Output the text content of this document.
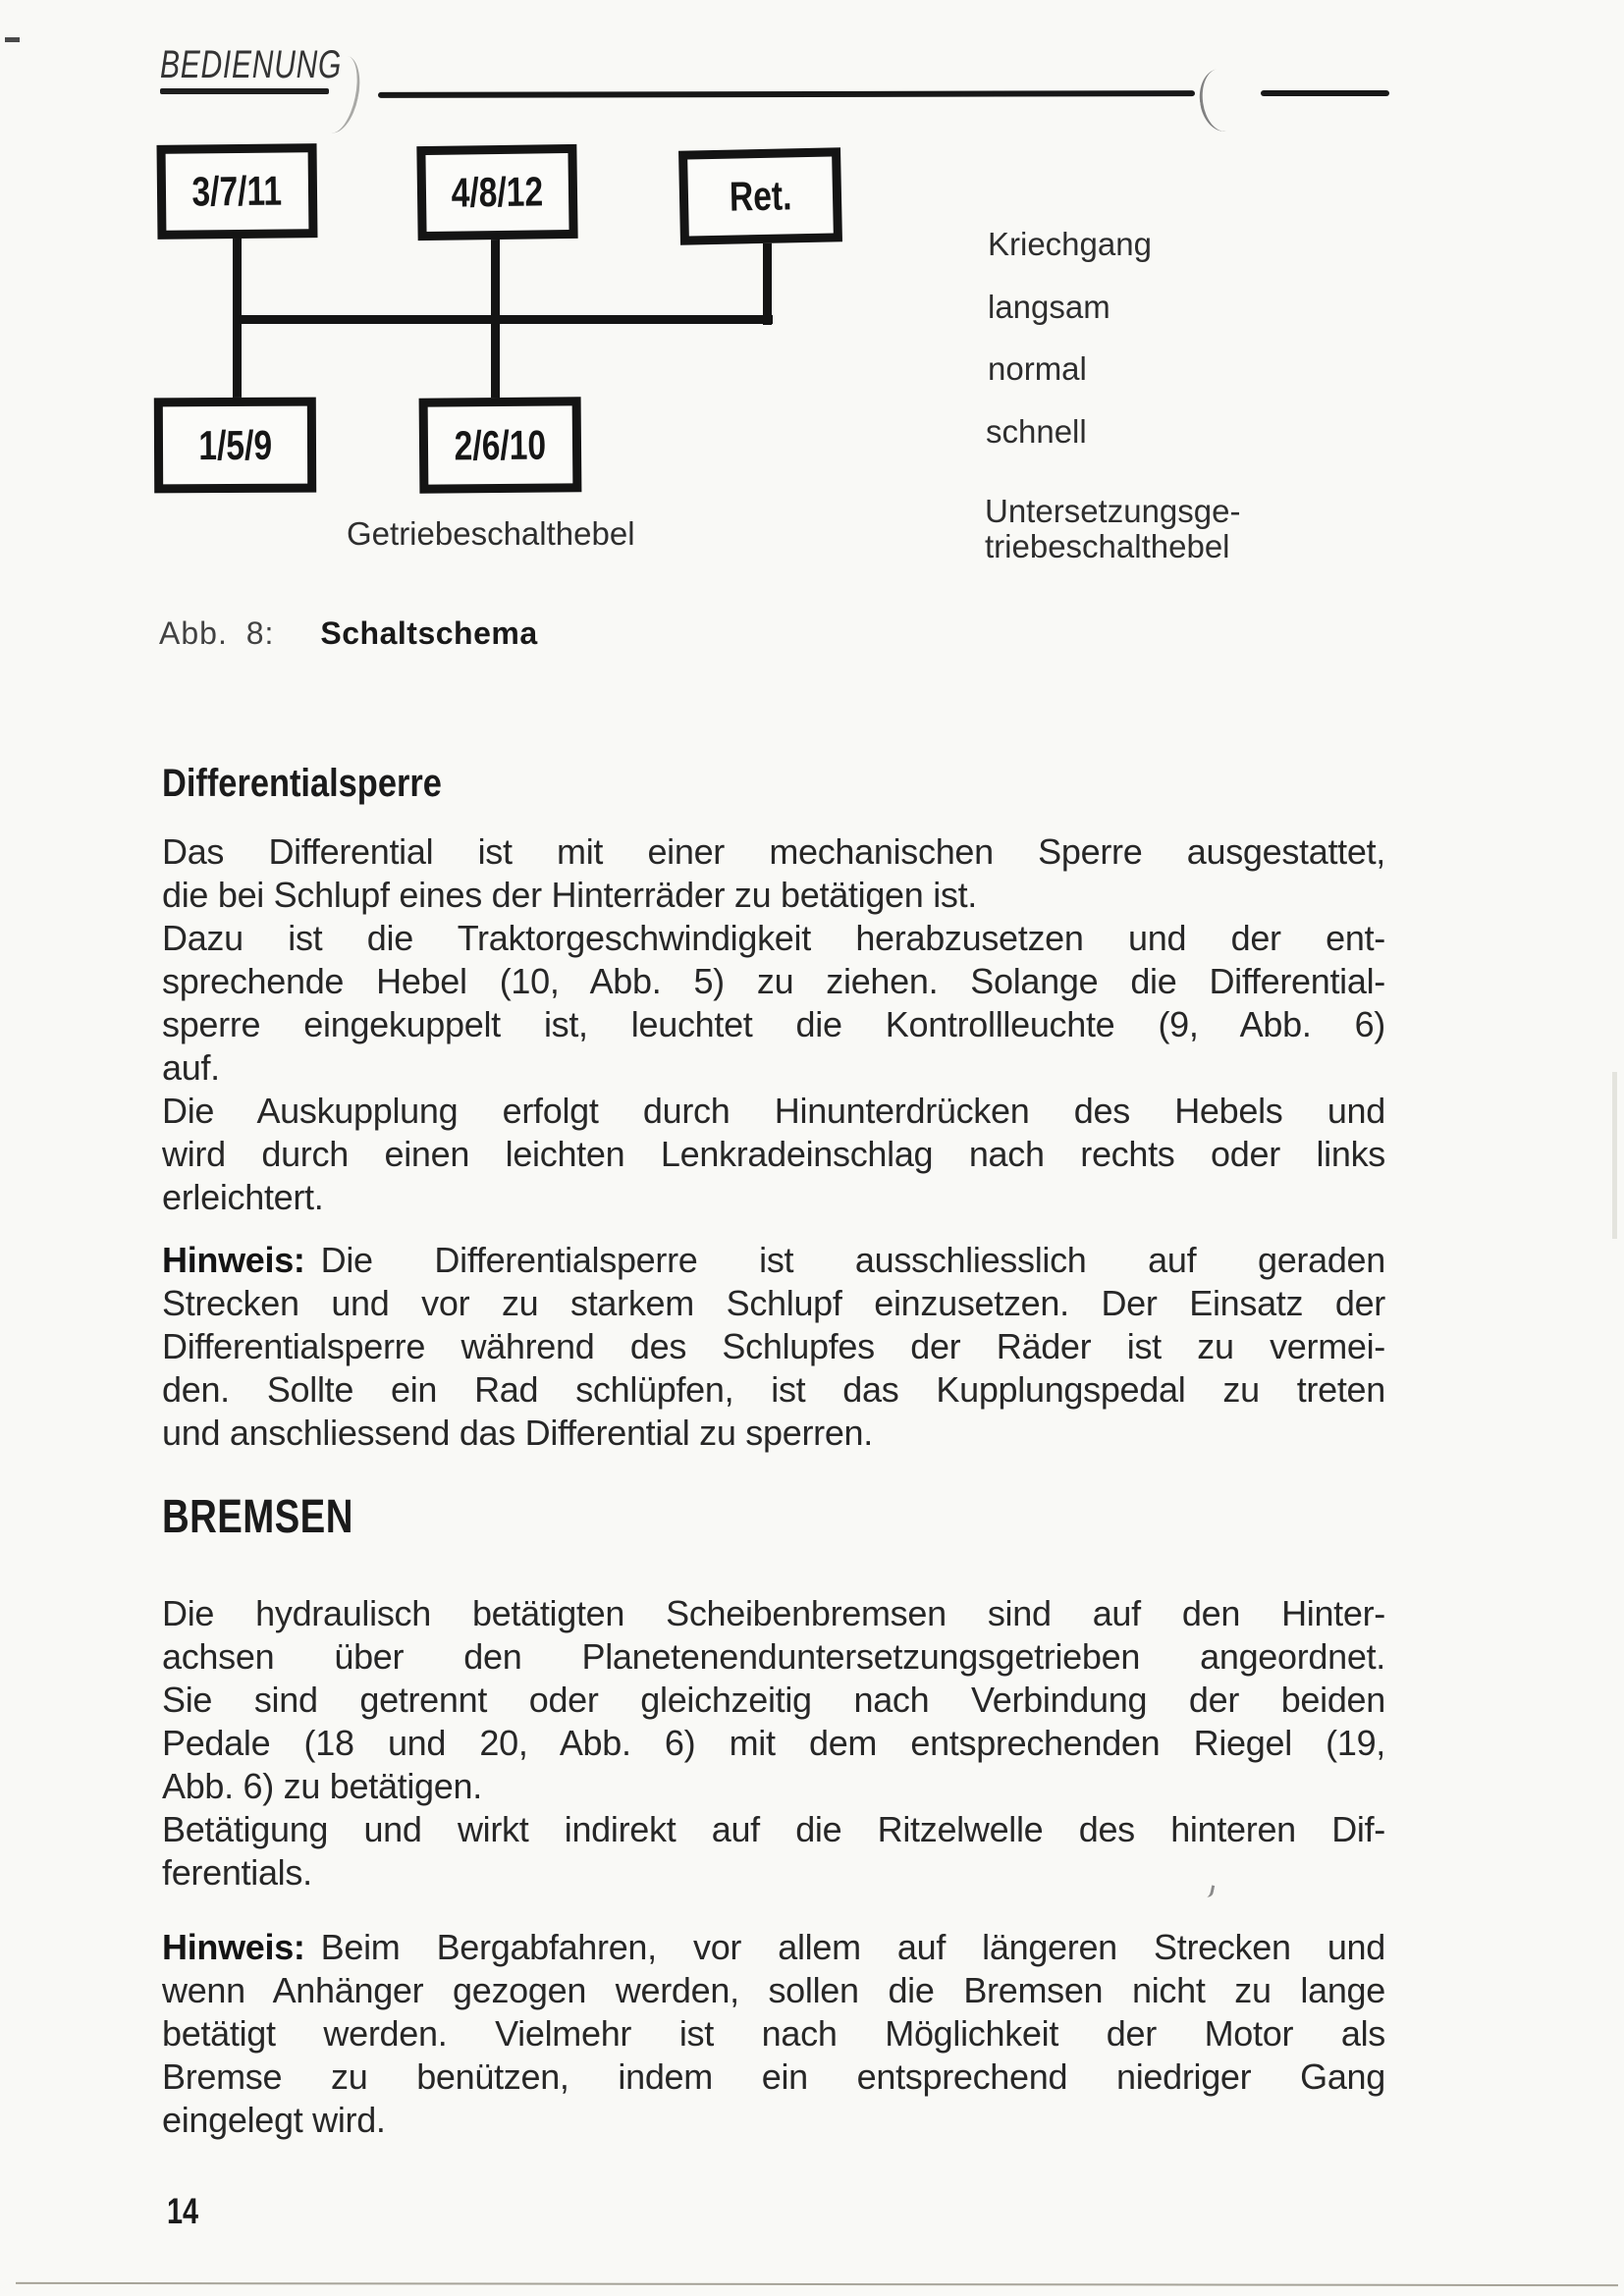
BEDIENUNG
3/7/11	4/8/12	Ret.
1/5/9	2/6/10
Kriechgang
langsam
normal
schnell
Untersetzungsge-
triebeschalthebel
Getriebeschalthebel
Abb. 8: Schaltschema
Differentialsperre
Das Differential ist mit einer mechanischen Sperre ausgestattet,
die bei Schlupf eines der Hinterräder zu betätigen ist.
Dazu ist die Traktorgeschwindigkeit herabzusetzen und der ent-
sprechende Hebel (10, Abb. 5) zu ziehen. Solange die Differential-
sperre eingekuppelt ist, leuchtet die Kontrollleuchte (9, Abb. 6)
auf.
Die Auskupplung erfolgt durch Hinunterdrücken des Hebels und
wird durch einen leichten Lenkradeinschlag nach rechts oder links
erleichtert.
Hinweis: Die Differentialsperre ist ausschliesslich auf geraden
Strecken und vor zu starkem Schlupf einzusetzen. Der Einsatz der
Differentialsperre während des Schlupfes der Räder ist zu vermei-
den. Sollte ein Rad schlüpfen, ist das Kupplungspedal zu treten
und anschliessend das Differential zu sperren.
BREMSEN
Die hydraulisch betätigten Scheibenbremsen sind auf den Hinter-
achsen über den Planetenenduntersetzungsgetrieben angeordnet.
Sie sind getrennt oder gleichzeitig nach Verbindung der beiden
Pedale (18 und 20, Abb. 6) mit dem entsprechenden Riegel (19,
Abb. 6) zu betätigen.
Betätigung und wirkt indirekt auf die Ritzelwelle des hinteren Dif-
ferentials.
Hinweis: Beim Bergabfahren, vor allem auf längeren Strecken und
wenn Anhänger gezogen werden, sollen die Bremsen nicht zu lange
betätigt werden. Vielmehr ist nach Möglichkeit der Motor als
Bremse zu benützen, indem ein entsprechend niedriger Gang
eingelegt wird.
14
